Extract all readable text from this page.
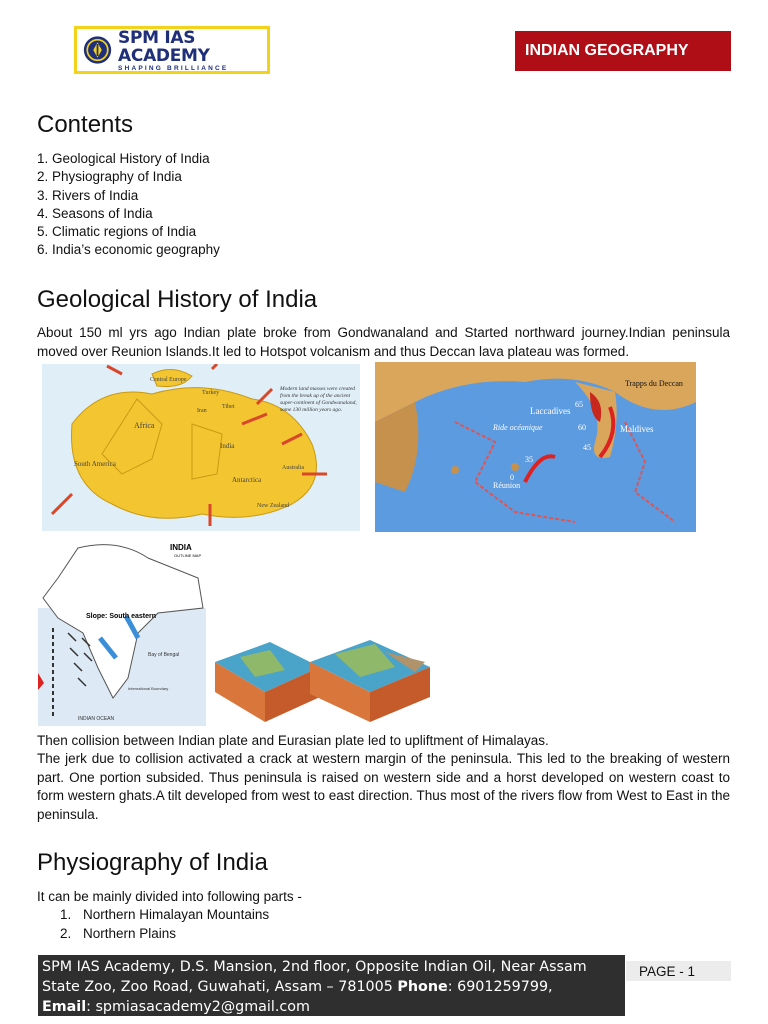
SPM IAS ACADEMY
SHAPING BRILLIANCE
INDIAN GEOGRAPHY
Contents
1. Geological History of India
2. Physiography of India
3. Rivers of India
4. Seasons of India
5. Climatic regions of India
6. India’s economic geography
Geological History of India

About 150 ml yrs ago Indian plate broke from Gondwanaland and Started northward journey.Indian peninsula moved over Reunion Islands.It led to Hotspot volcanism and thus Deccan lava plateau was formed.

Africa
South America
India
Antarctica
Australia
New Zealand
Central Europe
Turkey
Tibet
Iran
Modern land masses were created from the break up of the ancient super-continent of Gondwanaland, some 130 million years ago.
Trapps du Deccan
Laccadives
Maldives
Ride océanique
Réunion
65
60
45
35
0
INDIA
OUTLINE MAP
Slope: South eastern
Bay of Bengal
INDIAN OCEAN
International Boundary

Then collision between Indian plate and Eurasian plate led to upliftment of Himalayas.

The jerk due to collision activated a crack at western margin of the peninsula. This led to the breaking of western part. One portion subsided. Thus peninsula is raised on western side and a horst developed on western coast to form western ghats.A tilt developed from west to east direction. Thus most of the rivers flow from West to East in the peninsula.

Physiography of India

It can be mainly divided into following parts -

1. Northern Himalayan Mountains
2. Northern Plains
SPM IAS Academy, D.S. Mansion, 2nd floor, Opposite Indian Oil, Near Assam
State Zoo, Zoo Road, Guwahati, Assam – 781005 Phone: 6901259799,
Email: spmiasacademy2@gmail.com
PAGE - 1
